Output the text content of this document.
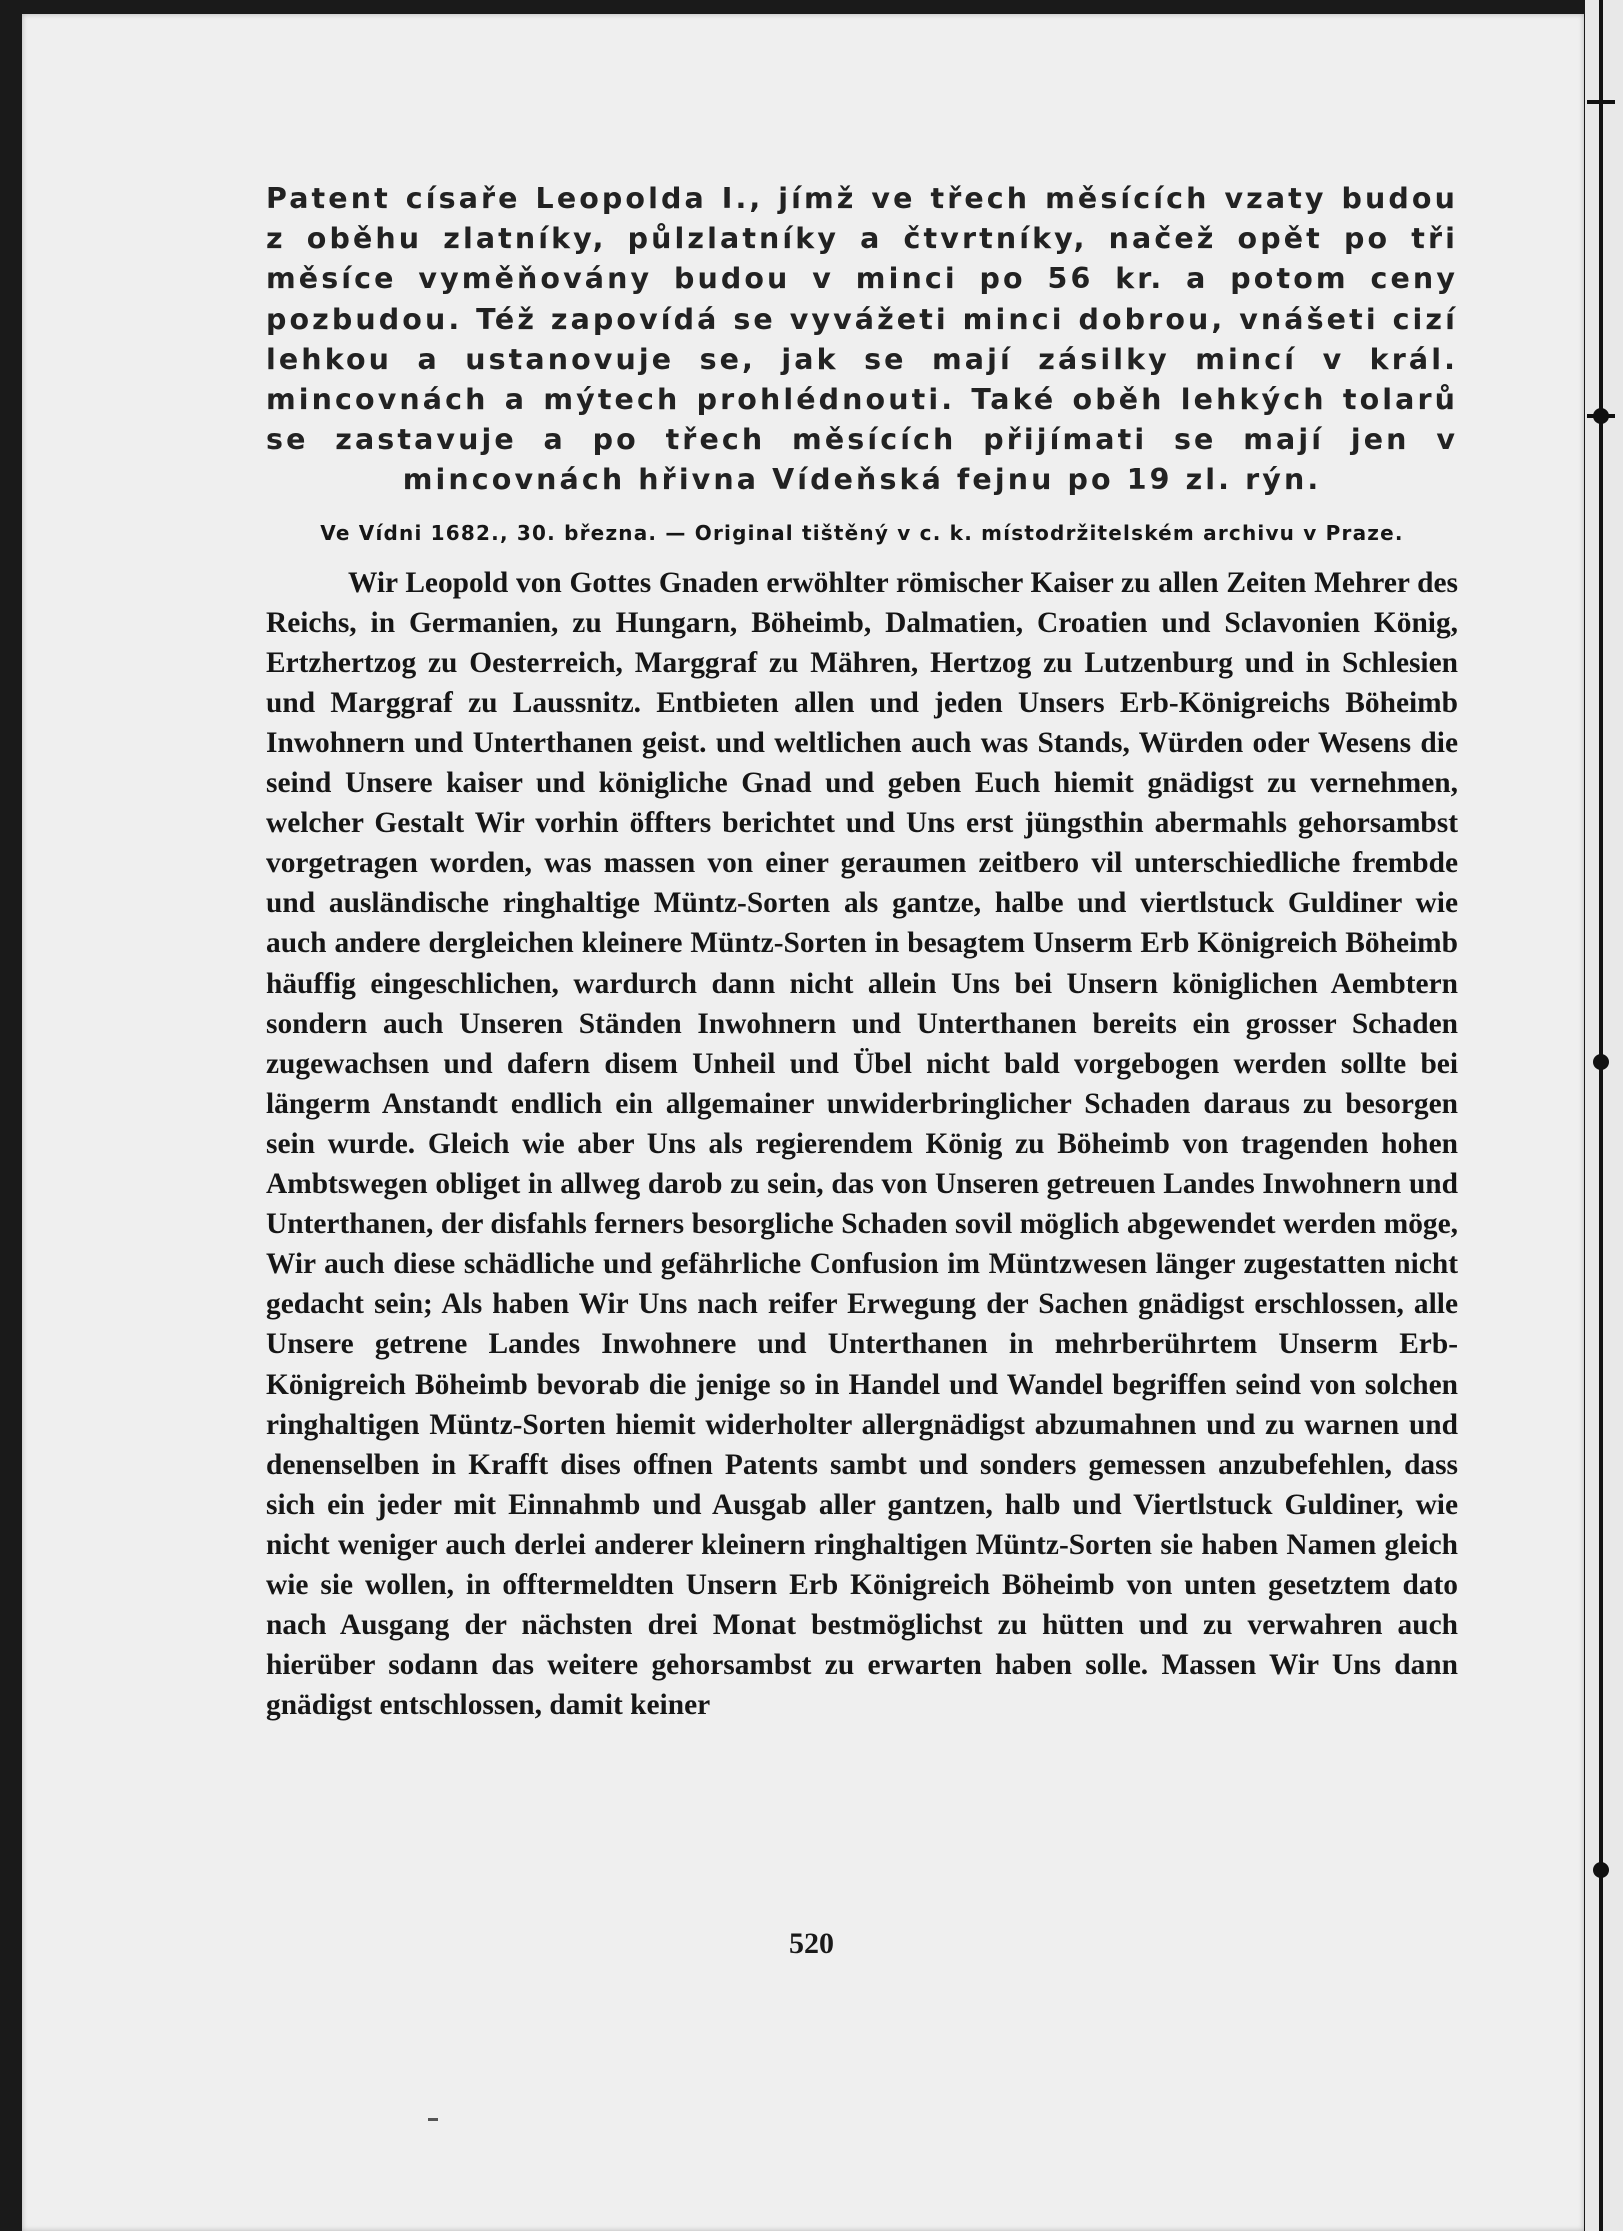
Patent císaře Leopolda I., jímž ve třech měsících vzaty budou z oběhu zlatníky, půlzlatníky a čtvrtníky, načež opět po tři měsíce vyměňovány budou v minci po 56 kr. a potom ceny pozbudou. Též zapovídá se vyvážeti minci dobrou, vnášeti cizí lehkou a ustanovuje se, jak se mají zásilky mincí v král. mincovnách a mýtech prohlédnouti. Také oběh lehkých tolarů se zastavuje a po třech měsících přijímati se mají jen v mincovnách hřivna Vídeňská fejnu po 19 zl. rýn.

Ve Vídni 1682., 30. března. — Original tištěný v c. k. místodržitelském archivu v Praze.

Wir Leopold von Gottes Gnaden erwöhlter römischer Kaiser zu allen Zeiten Mehrer des Reichs, in Germanien, zu Hungarn, Böheimb, Dalmatien, Croatien und Sclavonien König, Ertzhertzog zu Oesterreich, Marggraf zu Mähren, Hertzog zu Lutzenburg und in Schlesien und Marggraf zu Laussnitz. Entbieten allen und jeden Unsers Erb-Königreichs Böheimb Inwohnern und Unterthanen geist. und weltlichen auch was Stands, Würden oder Wesens die seind Unsere kaiser und königliche Gnad und geben Euch hiemit gnädigst zu vernehmen, welcher Gestalt Wir vorhin öffters berichtet und Uns erst jüngsthin abermahls gehorsambst vorgetragen worden, was massen von einer geraumen zeitbero vil unterschiedliche frembde und ausländische ringhaltige Müntz-Sorten als gantze, halbe und viertlstuck Guldiner wie auch andere dergleichen kleinere Müntz-Sorten in besagtem Unserm Erb Königreich Böheimb häuffig eingeschlichen, wardurch dann nicht allein Uns bei Unsern königlichen Aembtern sondern auch Unseren Ständen Inwohnern und Unterthanen bereits ein grosser Schaden zugewachsen und dafern disem Unheil und Übel nicht bald vorgebogen werden sollte bei längerm Anstandt endlich ein allgemainer unwiderbringlicher Schaden daraus zu besorgen sein wurde. Gleich wie aber Uns als regierendem König zu Böheimb von tragenden hohen Ambtswegen obliget in allweg darob zu sein, das von Unseren getreuen Landes Inwohnern und Unterthanen, der disfahls ferners besorgliche Schaden sovil möglich abgewendet werden möge, Wir auch diese schädliche und gefährliche Confusion im Müntzwesen länger zugestatten nicht gedacht sein; Als haben Wir Uns nach reifer Erwegung der Sachen gnädigst erschlossen, alle Unsere getrene Landes Inwohnere und Unterthanen in mehrberührtem Unserm Erb-Königreich Böheimb bevorab die jenige so in Handel und Wandel begriffen seind von solchen ringhaltigen Müntz-Sorten hiemit widerholter allergnädigst abzumahnen und zu warnen und denenselben in Krafft dises offnen Patents sambt und sonders gemessen anzubefehlen, dass sich ein jeder mit Einnahmb und Ausgab aller gantzen, halb und Viertlstuck Guldiner, wie nicht weniger auch derlei anderer kleinern ringhaltigen Müntz-Sorten sie haben Namen gleich wie sie wollen, in offtermeldten Unsern Erb Königreich Böheimb von unten gesetztem dato nach Ausgang der nächsten drei Monat bestmöglichst zu hütten und zu verwahren auch hierüber sodann das weitere gehorsambst zu erwarten haben solle. Massen Wir Uns dann gnädigst entschlossen, damit keiner

520
